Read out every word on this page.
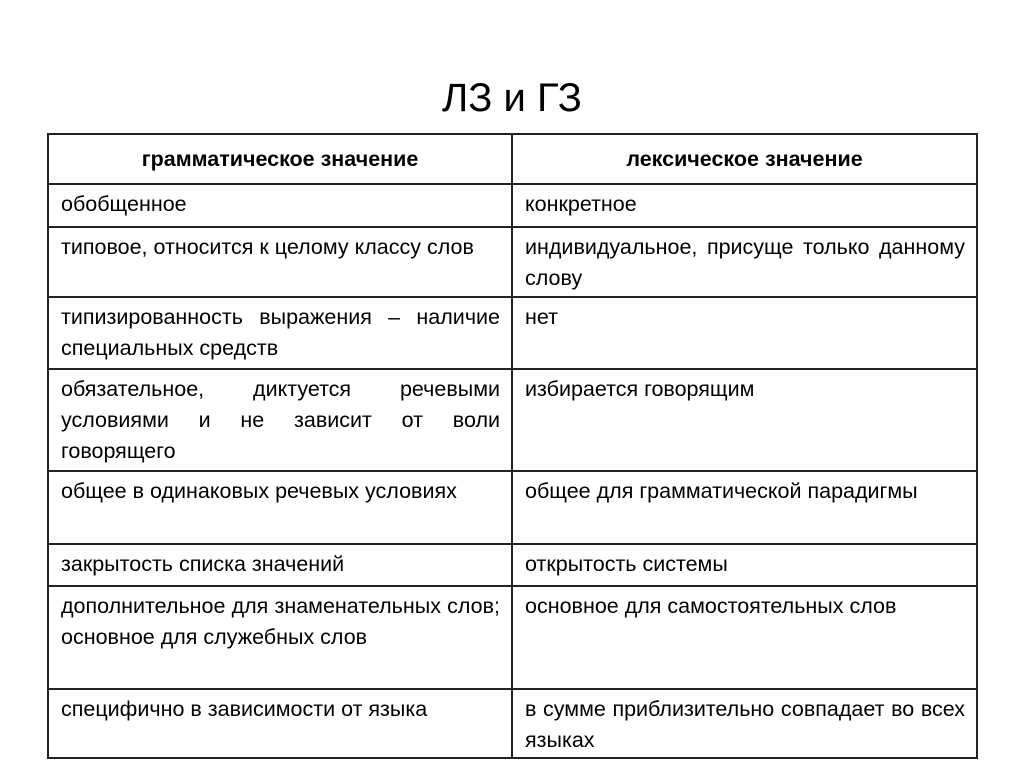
ЛЗ и ГЗ
грамматическое значение	лексическое значение
обобщенное	конкретное
типовое, относится к целому классу слов	индивидуальное, присуще только данному слову
типизированность выражения – наличие специальных средств	нет
обязательное, диктуется речевыми условиями и не зависит от воли говорящего	избирается говорящим
общее в одинаковых речевых условиях	общее для грамматической парадигмы
закрытость списка значений	открытость системы
дополнительное для знаменательных слов; основное для служебных слов	основное для самостоятельных слов
специфично в зависимости от языка	в сумме приблизительно совпадает во всех языках
